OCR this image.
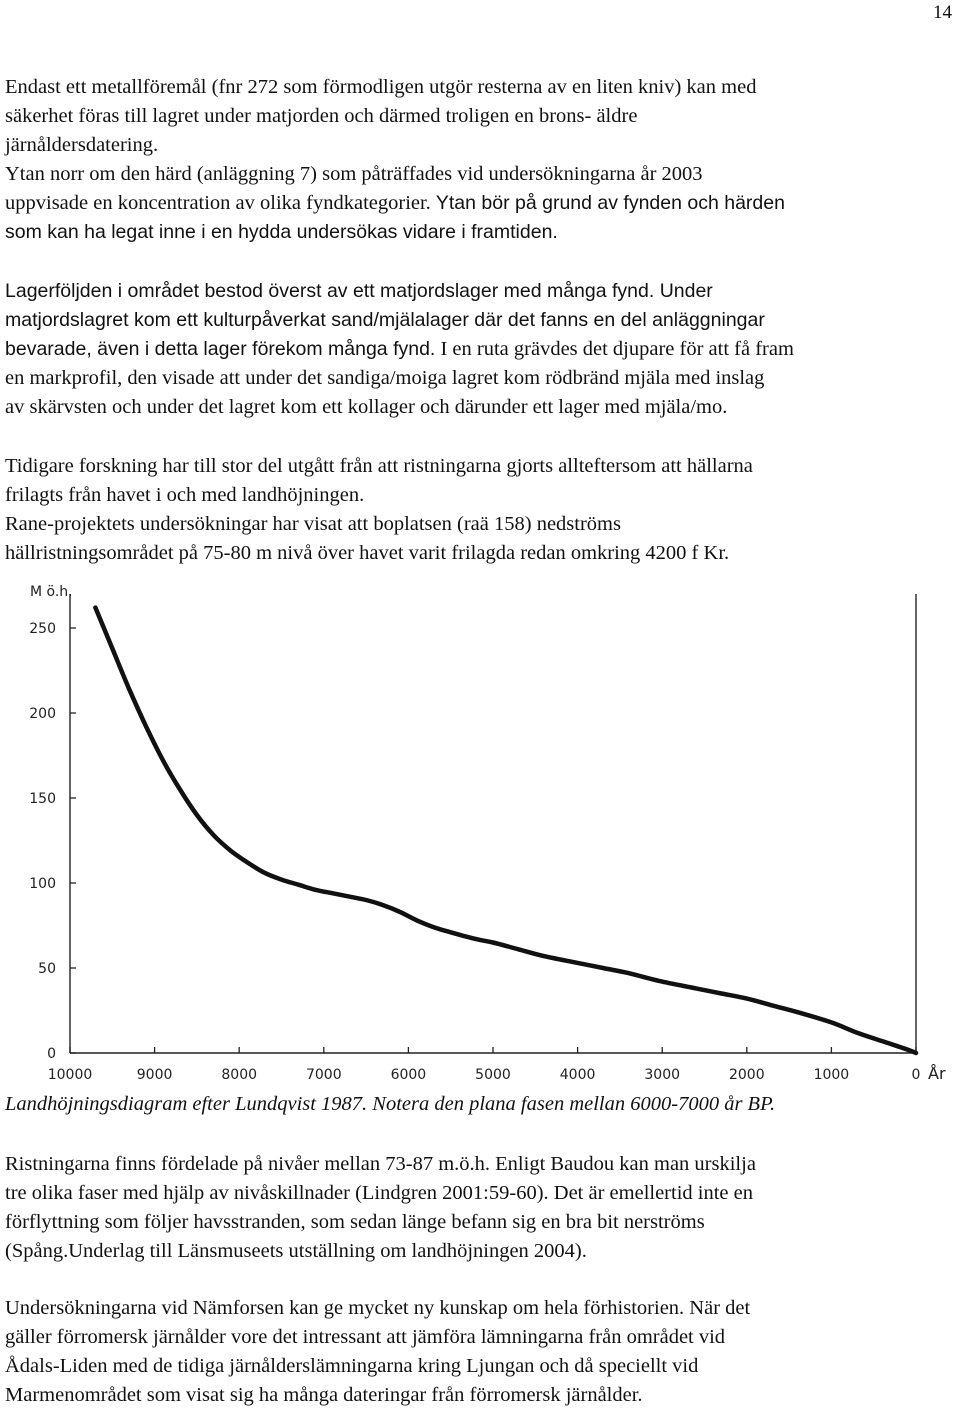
14
Endast ett metallföremål (fnr 272 som förmodligen utgör resterna av en liten kniv) kan med
säkerhet föras till lagret under matjorden och därmed troligen en brons- äldre
järnåldersdatering.
Ytan norr om den härd (anläggning 7) som påträffades vid undersökningarna år 2003
uppvisade en koncentration av olika fyndkategorier. Ytan bör på grund av fynden och härden
som kan ha legat inne i en hydda undersökas vidare i framtiden.
Lagerföljden i området bestod överst av ett matjordslager med många fynd. Under
matjordslagret kom ett kulturpåverkat sand/mjälalager där det fanns en del anläggningar
bevarade, även i detta lager förekom många fynd. I en ruta grävdes det djupare för att få fram
en markprofil, den visade att under det sandiga/moiga lagret kom rödbränd mjäla med inslag
av skärvsten och under det lagret kom ett kollager och därunder ett lager med mjäla/mo.
Tidigare forskning har till stor del utgått från att ristningarna gjorts allteftersom att hällarna
frilagts från havet i och med landhöjningen.
Rane-projektets undersökningar har visat att boplatsen (raä 158) nedströms
hällristningsområdet på 75-80 m nivå över havet varit frilagda redan omkring 4200 f Kr.
M ö.h.
År
0
50
100
150
200
250
10000	9000	8000	7000	6000	5000	4000	3000	2000	1000	0
Landhöjningsdiagram efter Lundqvist 1987. Notera den plana fasen mellan 6000-7000 år BP.
Ristningarna finns fördelade på nivåer mellan 73-87 m.ö.h. Enligt Baudou kan man urskilja
tre olika faser med hjälp av nivåskillnader (Lindgren 2001:59-60). Det är emellertid inte en
förflyttning som följer havsstranden, som sedan länge befann sig en bra bit nerströms
(Spång.Underlag till Länsmuseets utställning om landhöjningen 2004).
Undersökningarna vid Nämforsen kan ge mycket ny kunskap om hela förhistorien. När det
gäller förromersk järnålder vore det intressant att jämföra lämningarna från området vid
Ådals-Liden med de tidiga järnålderslämningarna kring Ljungan och då speciellt vid
Marmenområdet som visat sig ha många dateringar från förromersk järnålder.
